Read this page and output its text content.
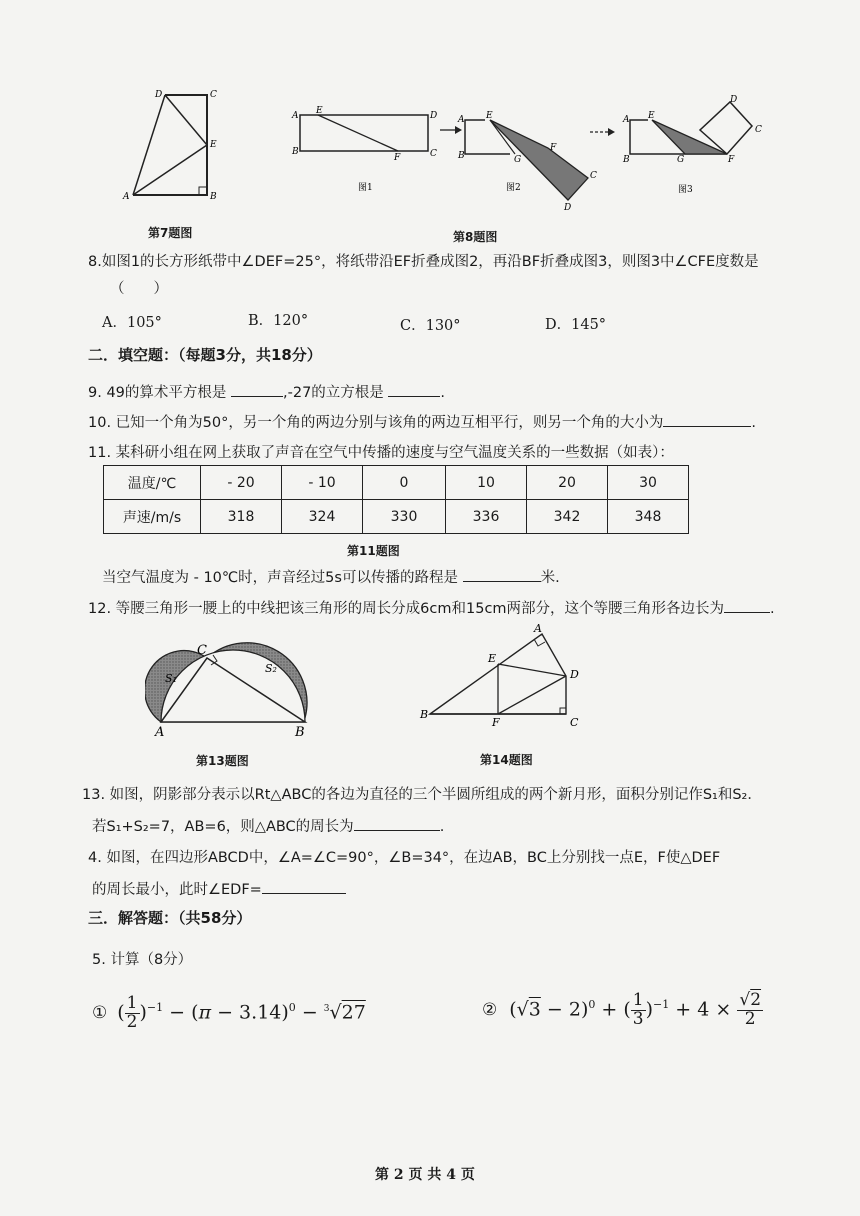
D	C
E
A	B
第7题图
A E	D
B
F	C
图1
A E
B	G
F
C
D
图2
A E
B	G	F
D
C
图3
第8题图
8.如图1的长方形纸带中∠DEF=25°，将纸带沿EF折叠成图2，再沿BF折叠成图3，则图3中∠CFE度数是
（　　）
A．105°	B．120°	C．130°	D．145°
二．填空题：（每题3分，共18分）
9. 49的算术平方根是	,-27的立方根是	.
10. 已知一个角为50°，另一个角的两边分别与该角的两边互相平行，则另一个角的大小为	.
11. 某科研小组在网上获取了声音在空气中传播的速度与空气温度关系的一些数据（如表）：
温度/℃	- 20	- 10	0	10	20	30
声速/m/s	318	324	330	336	342	348
第11题图
当空气温度为 - 10℃时，声音经过5s可以传播的路程是	米.
12. 等腰三角形一腰上的中线把该三角形的周长分成6cm和15cm两部分，这个等腰三角形各边长为	.
C
A	B
S₁
S₂
第13题图
A
E
D
B
F	C
第14题图
13. 如图，阴影部分表示以Rt△ABC的各边为直径的三个半圆所组成的两个新月形，面积分别记作S₁和S₂．
若S₁+S₂=7，AB=6，则△ABC的周长为	.
4. 如图，在四边形ABCD中，∠A=∠C=90°，∠B=34°，在边AB，BC上分别找一点E，F使△DEF
的周长最小，此时∠EDF=
三．解答题：（共58分）
5. 计算（8分）
① ( $\frac{1}{2} )^{-1} - (\pi - 3.14)^0 - ^3√27$	② $(√3 - 2)^0$ + ( $\frac{1}{3} )^{-1} + 4 \times \frac{√2}{2}$
第 2 页 共 4 页
